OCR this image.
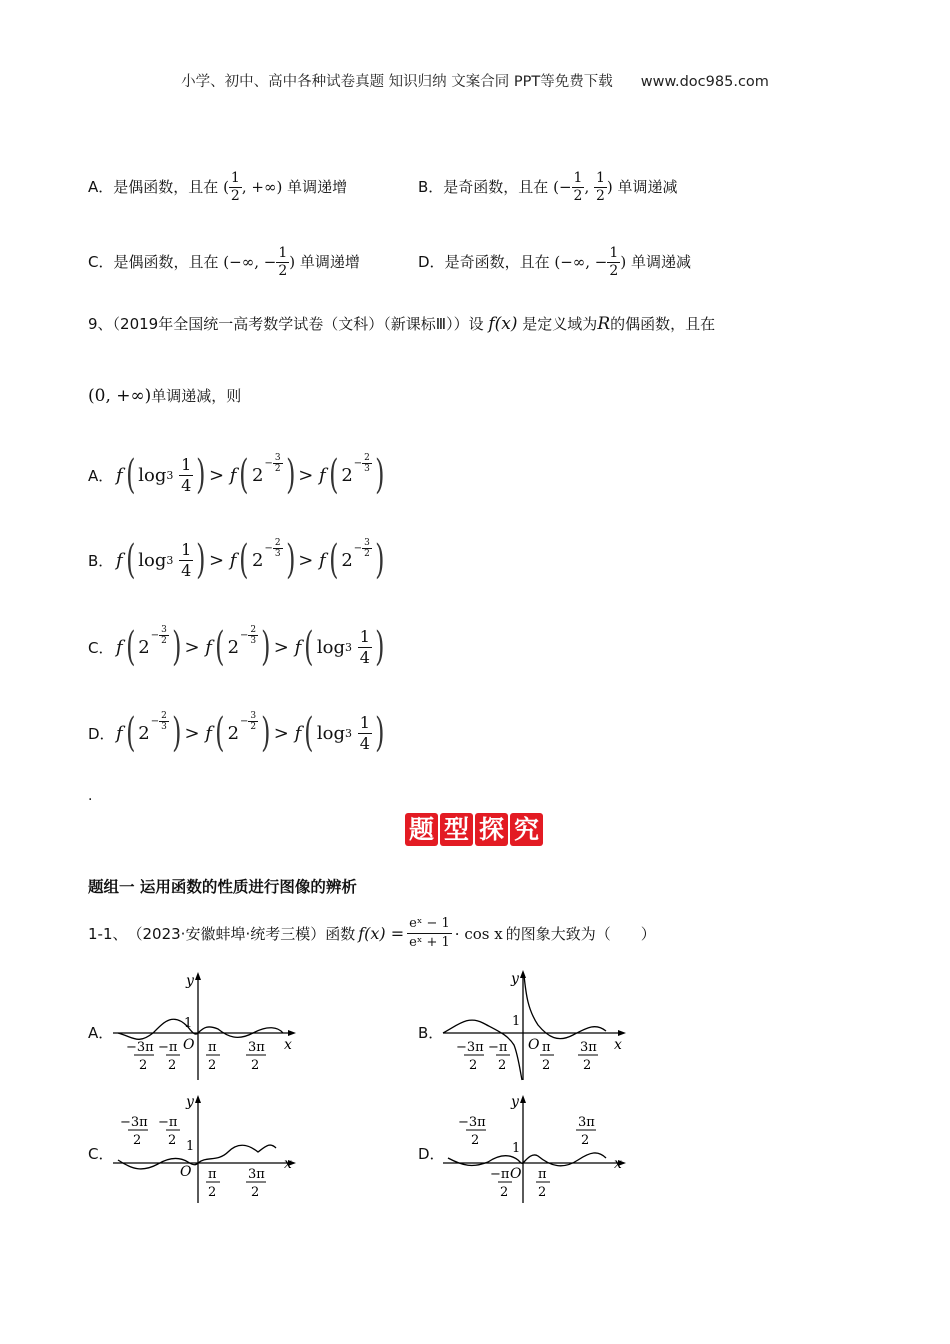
小学、初中、高中各种试卷真题 知识归纳 文案合同 PPT等免费下载 www.doc985.com
A．是偶函数，且在 ( $\frac{1}{2}$ , +∞) 单调递增	B．是奇函数，且在 (− $\frac{1}{2}$ , $\frac{1}{2}$ ) 单调递减
C．是偶函数，且在 (−∞, − $\frac{1}{2}$ ) 单调递增	D．是奇函数，且在 (−∞, − $\frac{1}{2}$ ) 单调递减
9、（2019年全国统一高考数学试卷（文科）（新课标Ⅲ））设 f(x) 是定义域为R的偶函数，且在
(0, +∞)单调递减，则
A． f ( log 3
$\frac{1}{4}$ ) > f ( 2
− $\frac{3}{2}$ ) > f ( 2
− $\frac{2}{3}$ )
B． f ( log 3
$\frac{1}{4}$ ) > f ( 2
− $\frac{2}{3}$ ) > f ( 2
− $\frac{3}{2}$ )
C． f ( 2
− $\frac{3}{2}$ ) > f ( 2
− $\frac{2}{3}$ ) > f ( log 3
$\frac{1}{4}$ )
D． f ( 2
− $\frac{2}{3}$ ) > f ( 2
− $\frac{3}{2}$ ) > f ( log 3
$\frac{1}{4}$ )
.
题 型 探 究
题组一 运用函数的性质进行图像的辨析
1-1、 （2023·安徽蚌埠·统考三模）函数 $f(x) = \frac{\text{eˣ − 1}}{\text{eˣ + 1}} \cdot \cos x$ 的图象大致为（　　）
A．	B．
C．	D．
y
x
1
O
−3π
2
−π
2
π
2
3π
2
y
x
1
O
−3π
2
−π
2
π
2
3π
2
y
x
1
O
−3π
2
−π
2
π
2
3π
2
y
x
1
O
−3π
2
−π
2
π
2
3π
2
